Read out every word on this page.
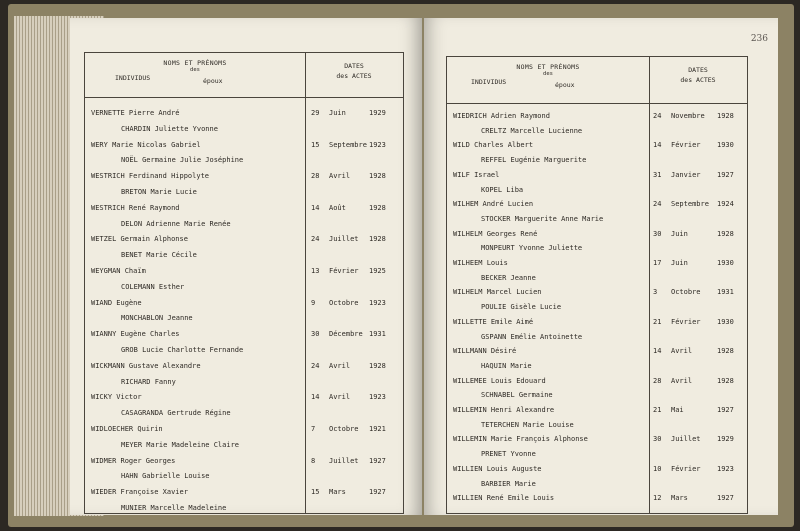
NOMS ET PRÉNOMS
des
INDIVIDUS	époux
DATES
des ACTES
VERNETTE Pierre André	29 Juin	1929
CHARDIN Juliette Yvonne
WERY Marie Nicolas Gabriel	15 Septembre 1923
NOËL Germaine Julie Joséphine
WESTRICH Ferdinand Hippolyte	28 Avril	1928
BRETON Marie Lucie
WESTRICH René Raymond	14 Août	1928
DELON Adrienne Marie Renée
WETZEL Germain Alphonse	24 Juillet 1928
BENET Marie Cécile
WEYGMAN Chaïm	13 Février 1925
COLEMANN Esther
WIAND Eugène	9 Octobre 1923
MONCHABLON Jeanne
WIANNY Eugène Charles	30 Décembre 1931
GROB Lucie Charlotte Fernande
WICKMANN Gustave Alexandre	24 Avril	1928
RICHARD Fanny
WICKY Victor	14 Avril	1923
CASAGRANDA Gertrude Régine
WIDLOECHER Quirin	7 Octobre 1921
MEYER Marie Madeleine Claire
WIDMER Roger Georges	8 Juillet 1927
HAHN Gabrielle Louise
WIEDER Françoise Xavier	15 Mars	1927
MUNIER Marcelle Madeleine
236
NOMS ET PRÉNOMS
des
INDIVIDUS	époux
DATES
des ACTES
WIEDRICH Adrien Raymond	24 Novembre 1928
CRELTZ Marcelle Lucienne
WILD Charles Albert	14 Février 1930
REFFEL Eugénie Marguerite
WILF Israel	31 Janvier 1927
KOPEL Liba
WILHEM André Lucien	24 Septembre 1924
STOCKER Marguerite Anne Marie
WILHELM Georges René	30 Juin	1928
MONPEURT Yvonne Juliette
WILHEEM Louis	17 Juin	1930
BECKER Jeanne
WILHELM Marcel Lucien	3 Octobre 1931
POULIE Gisèle Lucie
WILLETTE Emile Aimé	21 Février 1930
GSPANN Emélie Antoinette
WILLMANN Désiré	14 Avril	1928
HAQUIN Marie
WILLEMEE Louis Edouard	28 Avril	1928
SCHNABEL Germaine
WILLEMIN Henri Alexandre	21 Mai	1927
TETERCHEN Marie Louise
WILLEMIN Marie François Alphonse	30 Juillet 1929
PRENET Yvonne
WILLIEN Louis Auguste	10 Février 1923
BARBIER Marie
WILLIEN René Emile Louis	12 Mars	1927
